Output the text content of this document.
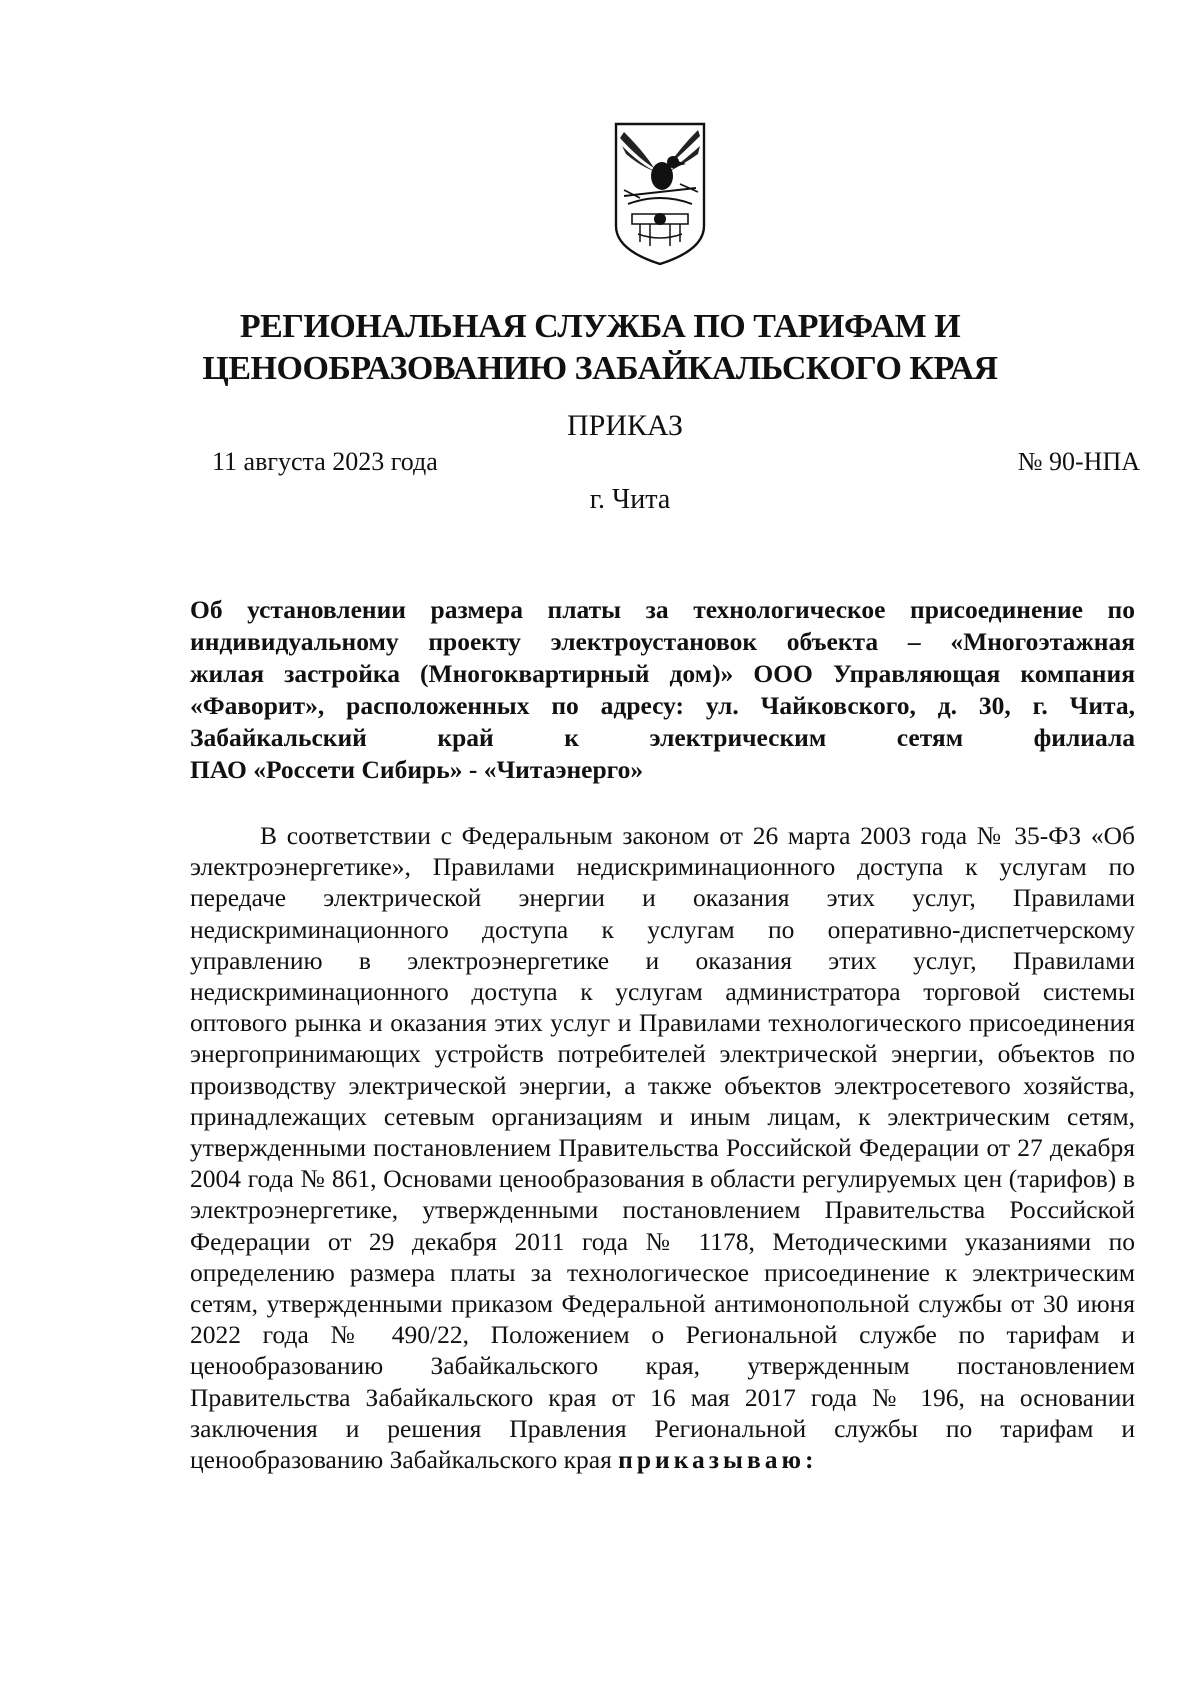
РЕГИОНАЛЬНАЯ СЛУЖБА ПО ТАРИФАМ И
ЦЕНООБРАЗОВАНИЮ ЗАБАЙКАЛЬСКОГО КРАЯ
ПРИКАЗ
11 августа 2023 года	№ 90-НПА
г. Чита
Об установлении размера платы за технологическое присоединение по
индивидуальному проекту электроустановок объекта – «Многоэтажная
жилая застройка (Многоквартирный дом)» ООО Управляющая компания
«Фаворит», расположенных по адресу: ул. Чайковского, д. 30, г. Чита,
Забайкальский край к электрическим сетям филиала
ПАО «Россети Сибирь» - «Читаэнерго»
В соответствии с Федеральным законом от 26 марта 2003 года № 35-ФЗ «Об электроэнергетике», Правилами недискриминационного доступа к услугам по передаче электрической энергии и оказания этих услуг, Правилами недискриминационного доступа к услугам по оперативно-диспетчерскому управлению в электроэнергетике и оказания этих услуг, Правилами недискриминационного доступа к услугам администратора торговой системы оптового рынка и оказания этих услуг и Правилами технологического присоединения энергопринимающих устройств потребителей электрической энергии, объектов по производству электрической энергии, а также объектов электросетевого хозяйства, принадлежащих сетевым организациям и иным лицам, к электрическим сетям, утвержденными постановлением Правительства Российской Федерации от 27 декабря 2004 года № 861, Основами ценообразования в области регулируемых цен (тарифов) в электроэнергетике, утвержденными постановлением Правительства Российской Федерации от 29 декабря 2011 года № 1178, Методическими указаниями по определению размера платы за технологическое присоединение к электрическим сетям, утвержденными приказом Федеральной антимонопольной службы от 30 июня 2022 года № 490/22, Положением о Региональной службе по тарифам и ценообразованию Забайкальского края, утвержденным постановлением Правительства Забайкальского края от 16 мая 2017 года № 196, на основании заключения и решения Правления Региональной службы по тарифам и ценообразованию Забайкальского края приказываю:
